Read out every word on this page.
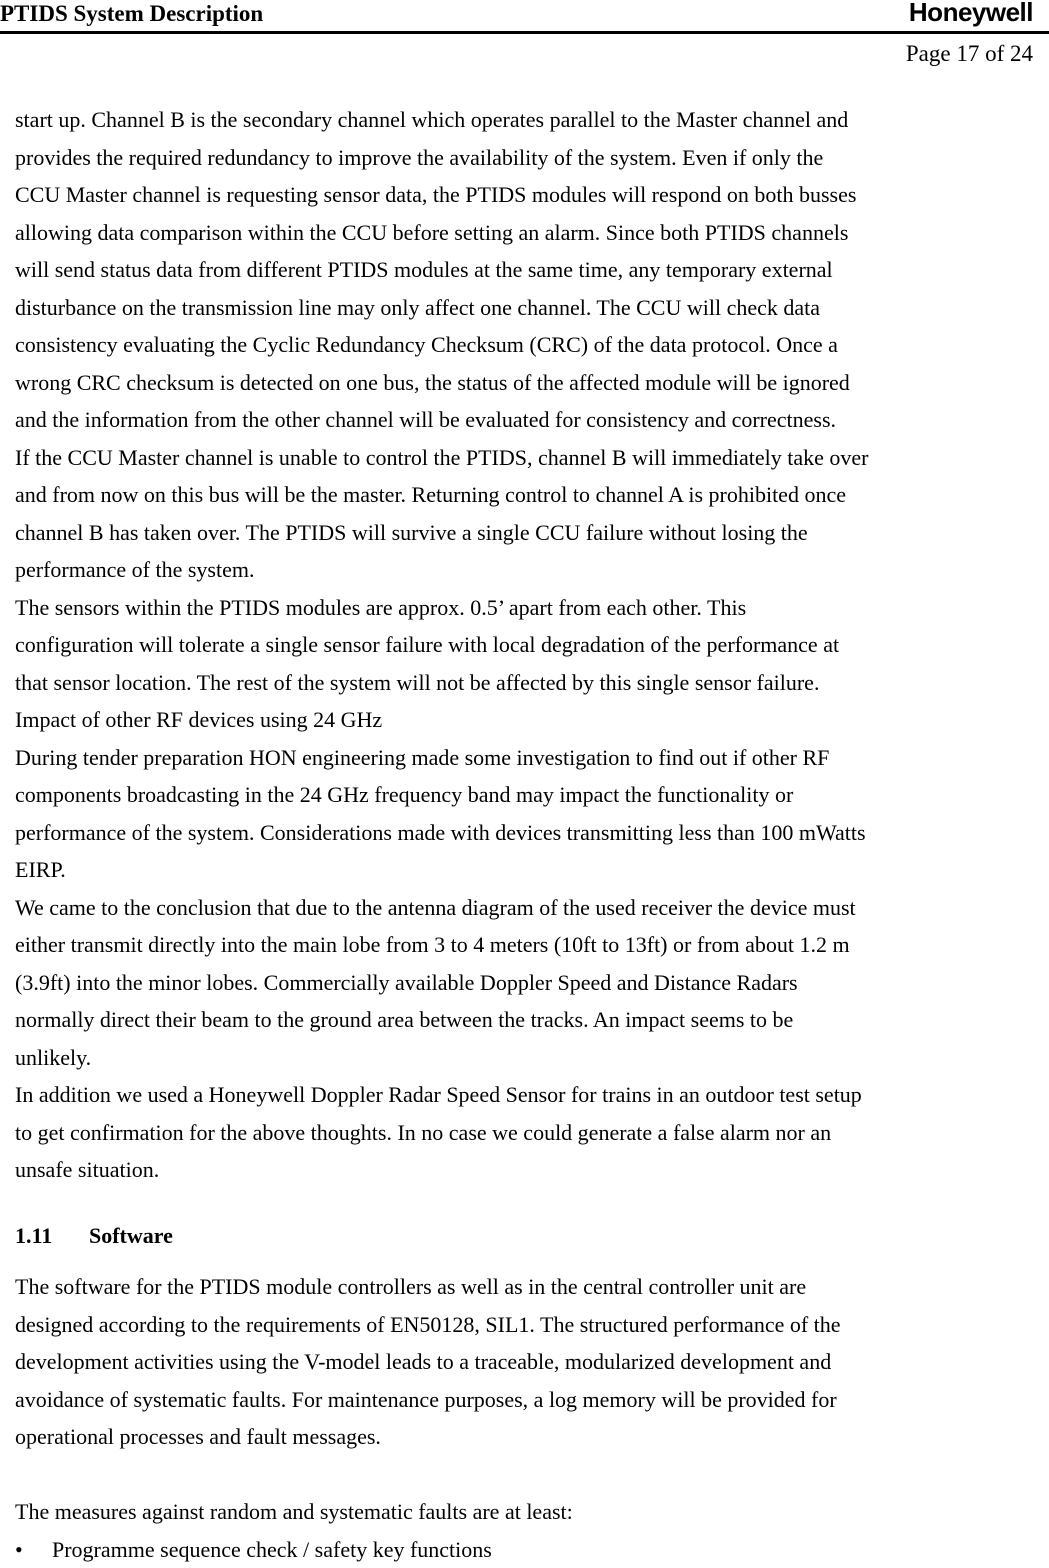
PTIDS System Description	Honeywell
Page 17 of 24
start up. Channel B is the secondary channel which operates parallel to the Master channel and
provides the required redundancy to improve the availability of the system. Even if only the
CCU Master channel is requesting sensor data, the PTIDS modules will respond on both busses
allowing data comparison within the CCU before setting an alarm. Since both PTIDS channels
will send status data from different PTIDS modules at the same time, any temporary external
disturbance on the transmission line may only affect one channel. The CCU will check data
consistency evaluating the Cyclic Redundancy Checksum (CRC) of the data protocol. Once a
wrong CRC checksum is detected on one bus, the status of the affected module will be ignored
and the information from the other channel will be evaluated for consistency and correctness.
If the CCU Master channel is unable to control the PTIDS, channel B will immediately take over
and from now on this bus will be the master. Returning control to channel A is prohibited once
channel B has taken over. The PTIDS will survive a single CCU failure without losing the
performance of the system.
The sensors within the PTIDS modules are approx. 0.5’ apart from each other. This
configuration will tolerate a single sensor failure with local degradation of the performance at
that sensor location. The rest of the system will not be affected by this single sensor failure.
Impact of other RF devices using 24 GHz
During tender preparation HON engineering made some investigation to find out if other RF
components broadcasting in the 24 GHz frequency band may impact the functionality or
performance of the system. Considerations made with devices transmitting less than 100 mWatts
EIRP.
We came to the conclusion that due to the antenna diagram of the used receiver the device must
either transmit directly into the main lobe from 3 to 4 meters (10ft to 13ft) or from about 1.2 m
(3.9ft) into the minor lobes. Commercially available Doppler Speed and Distance Radars
normally direct their beam to the ground area between the tracks. An impact seems to be
unlikely.
In addition we used a Honeywell Doppler Radar Speed Sensor for trains in an outdoor test setup
to get confirmation for the above thoughts. In no case we could generate a false alarm nor an
unsafe situation.
1.11 Software
The software for the PTIDS module controllers as well as in the central controller unit are
designed according to the requirements of EN50128, SIL1. The structured performance of the
development activities using the V-model leads to a traceable, modularized development and
avoidance of systematic faults. For maintenance purposes, a log memory will be provided for
operational processes and fault messages.
The measures against random and systematic faults are at least:
• Programme sequence check / safety key functions
